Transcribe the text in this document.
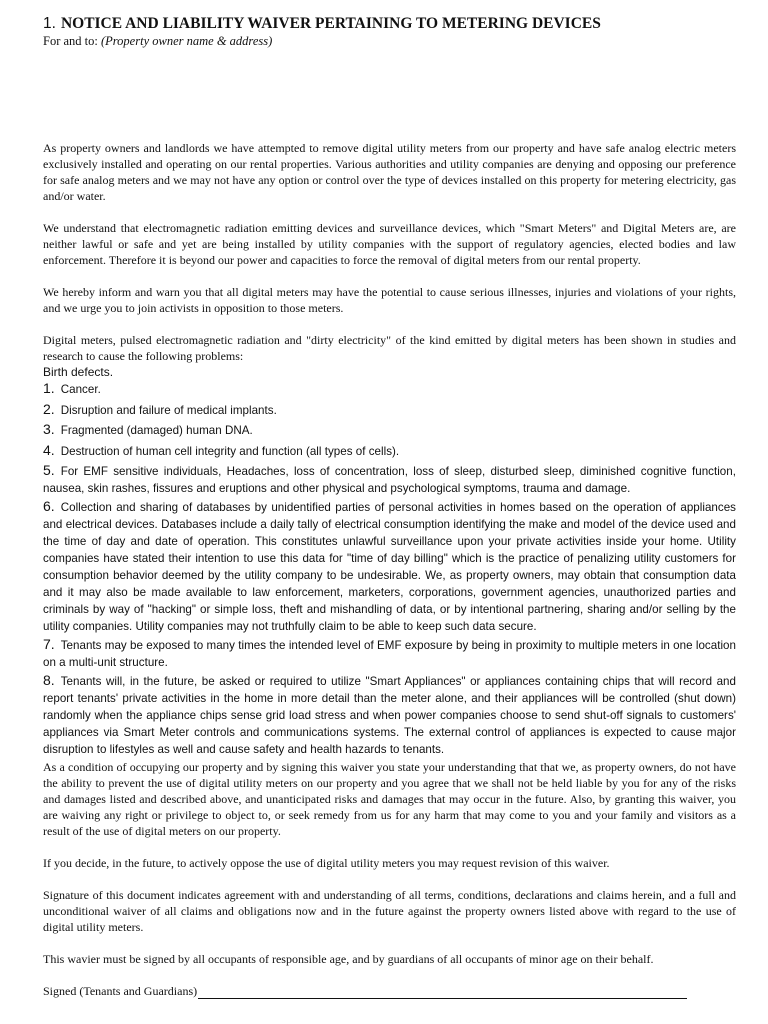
1. NOTICE AND LIABILITY WAIVER PERTAINING TO METERING DEVICES
For and to: (Property owner name & address)

As property owners and landlords we have attempted to remove digital utility meters from our property and have safe analog electric meters exclusively installed and operating on our rental properties. Various authorities and utility companies are denying and opposing our preference for safe analog meters and we may not have any option or control over the type of devices installed on this property for metering electricity, gas and/or water.

We understand that electromagnetic radiation emitting devices and surveillance devices, which "Smart Meters" and Digital Meters are, are neither lawful or safe and yet are being installed by utility companies with the support of regulatory agencies, elected bodies and law enforcement. Therefore it is beyond our power and capacities to force the removal of digital meters from our rental property.

We hereby inform and warn you that all digital meters may have the potential to cause serious illnesses, injuries and violations of your rights, and we urge you to join activists in opposition to those meters.

Digital meters, pulsed electromagnetic radiation and "dirty electricity" of the kind emitted by digital meters has been shown in studies and research to cause the following problems:

Birth defects.

1. Cancer.

2. Disruption and failure of medical implants.

3. Fragmented (damaged) human DNA.

4. Destruction of human cell integrity and function (all types of cells).

5. For EMF sensitive individuals, Headaches, loss of concentration, loss of sleep, disturbed sleep, diminished cognitive function, nausea, skin rashes, fissures and eruptions and other physical and psychological symptoms, trauma and damage.

6. Collection and sharing of databases by unidentified parties of personal activities in homes based on the operation of appliances and electrical devices. Databases include a daily tally of electrical consumption identifying the make and model of the device used and the time of day and date of operation. This constitutes unlawful surveillance upon your private activities inside your home. Utility companies have stated their intention to use this data for "time of day billing" which is the practice of penalizing utility customers for consumption behavior deemed by the utility company to be undesirable. We, as property owners, may obtain that consumption data and it may also be made available to law enforcement, marketers, corporations, government agencies, unauthorized parties and criminals by way of "hacking" or simple loss, theft and mishandling of data, or by intentional partnering, sharing and/or selling by the utility companies. Utility companies may not truthfully claim to be able to keep such data secure.

7. Tenants may be exposed to many times the intended level of EMF exposure by being in proximity to multiple meters in one location on a multi-unit structure.

8. Tenants will, in the future, be asked or required to utilize "Smart Appliances" or appliances containing chips that will record and report tenants' private activities in the home in more detail than the meter alone, and their appliances will be controlled (shut down) randomly when the appliance chips sense grid load stress and when power companies choose to send shut-off signals to customers' appliances via Smart Meter controls and communications systems. The external control of appliances is expected to cause major disruption to lifestyles as well and cause safety and health hazards to tenants.

As a condition of occupying our property and by signing this waiver you state your understanding that that we, as property owners, do not have the ability to prevent the use of digital utility meters on our property and you agree that we shall not be held liable by you for any of the risks and damages listed and described above, and unanticipated risks and damages that may occur in the future. Also, by granting this waiver, you are waiving any right or privilege to object to, or seek remedy from us for any harm that may come to you and your family and visitors as a result of the use of digital meters on our property.

If you decide, in the future, to actively oppose the use of digital utility meters you may request revision of this waiver.

Signature of this document indicates agreement with and understanding of all terms, conditions, declarations and claims herein, and a full and unconditional waiver of all claims and obligations now and in the future against the property owners listed above with regard to the use of digital utility meters.

This wavier must be signed by all occupants of responsible age, and by guardians of all occupants of minor age on their behalf.

Signed (Tenants and Guardians)
